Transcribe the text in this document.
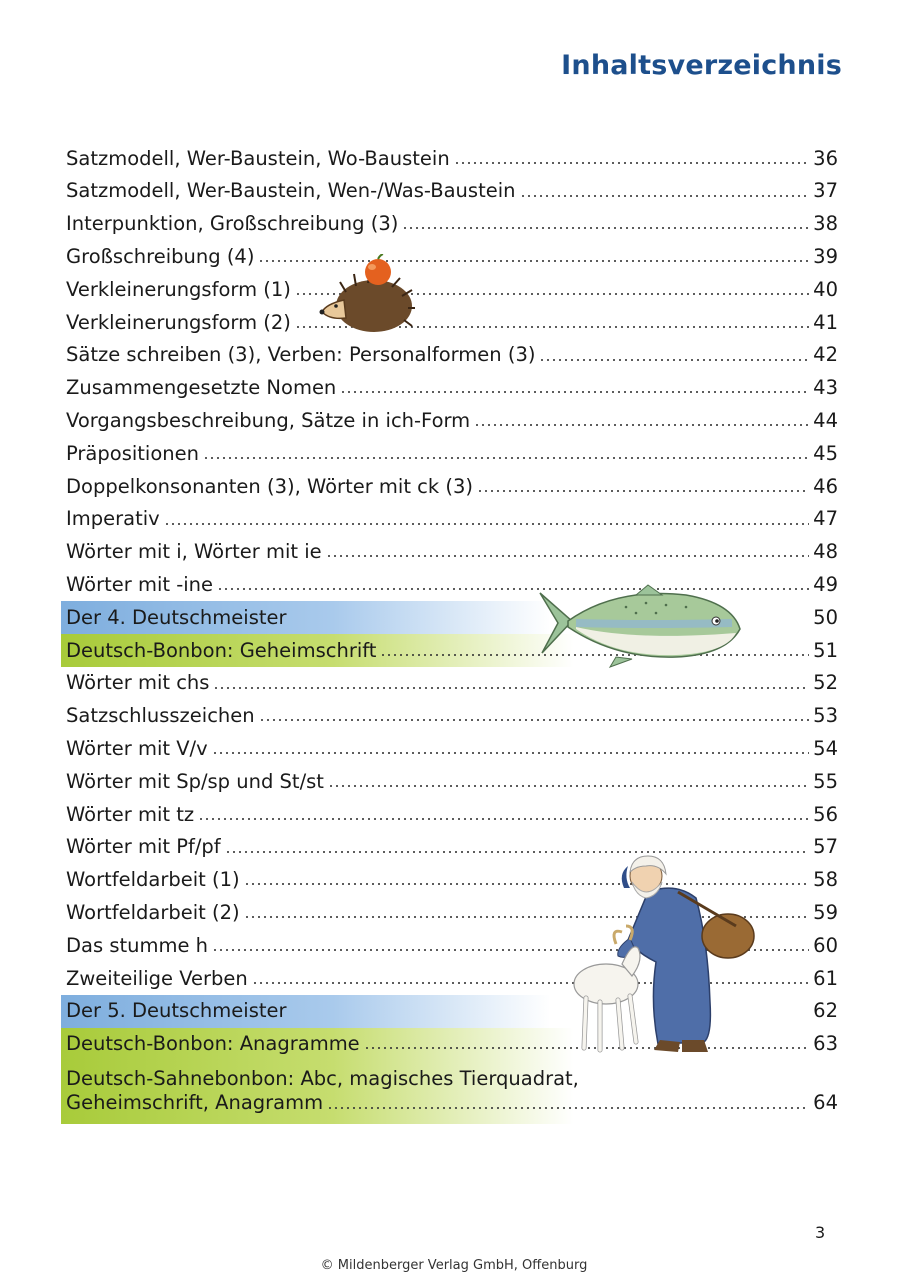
Inhaltsverzeichnis
Satzmodell, Wer-Baustein, Wo-Baustein	36
Satzmodell, Wer-Baustein, Wen-/Was-Baustein	37
Interpunktion, Großschreibung (3)	38
Großschreibung (4)	39
Verkleinerungsform (1)	40
Verkleinerungsform (2)	41
Sätze schreiben (3), Verben: Personalformen (3)	42
Zusammengesetzte Nomen	43
Vorgangsbeschreibung, Sätze in ich-Form	44
Präpositionen	45
Doppelkonsonanten (3), Wörter mit ck (3)	46
Imperativ	47
Wörter mit i, Wörter mit ie	48
Wörter mit -ine	49
Der 4. Deutschmeister	50
Deutsch-Bonbon: Geheimschrift	51
Wörter mit chs	52
Satzschlusszeichen	53
Wörter mit V/v	54
Wörter mit Sp/sp und St/st	55
Wörter mit tz	56
Wörter mit Pf/pf	57
Wortfeldarbeit (1)	58
Wortfeldarbeit (2)	59
Das stumme h	60
Zweiteilige Verben	61
Der 5. Deutschmeister	62
Deutsch-Bonbon: Anagramme	63
Deutsch-Sahnebonbon: Abc, magisches Tierquadrat,
Geheimschrift, Anagramm	64
3
© Mildenberger Verlag GmbH, Offenburg
